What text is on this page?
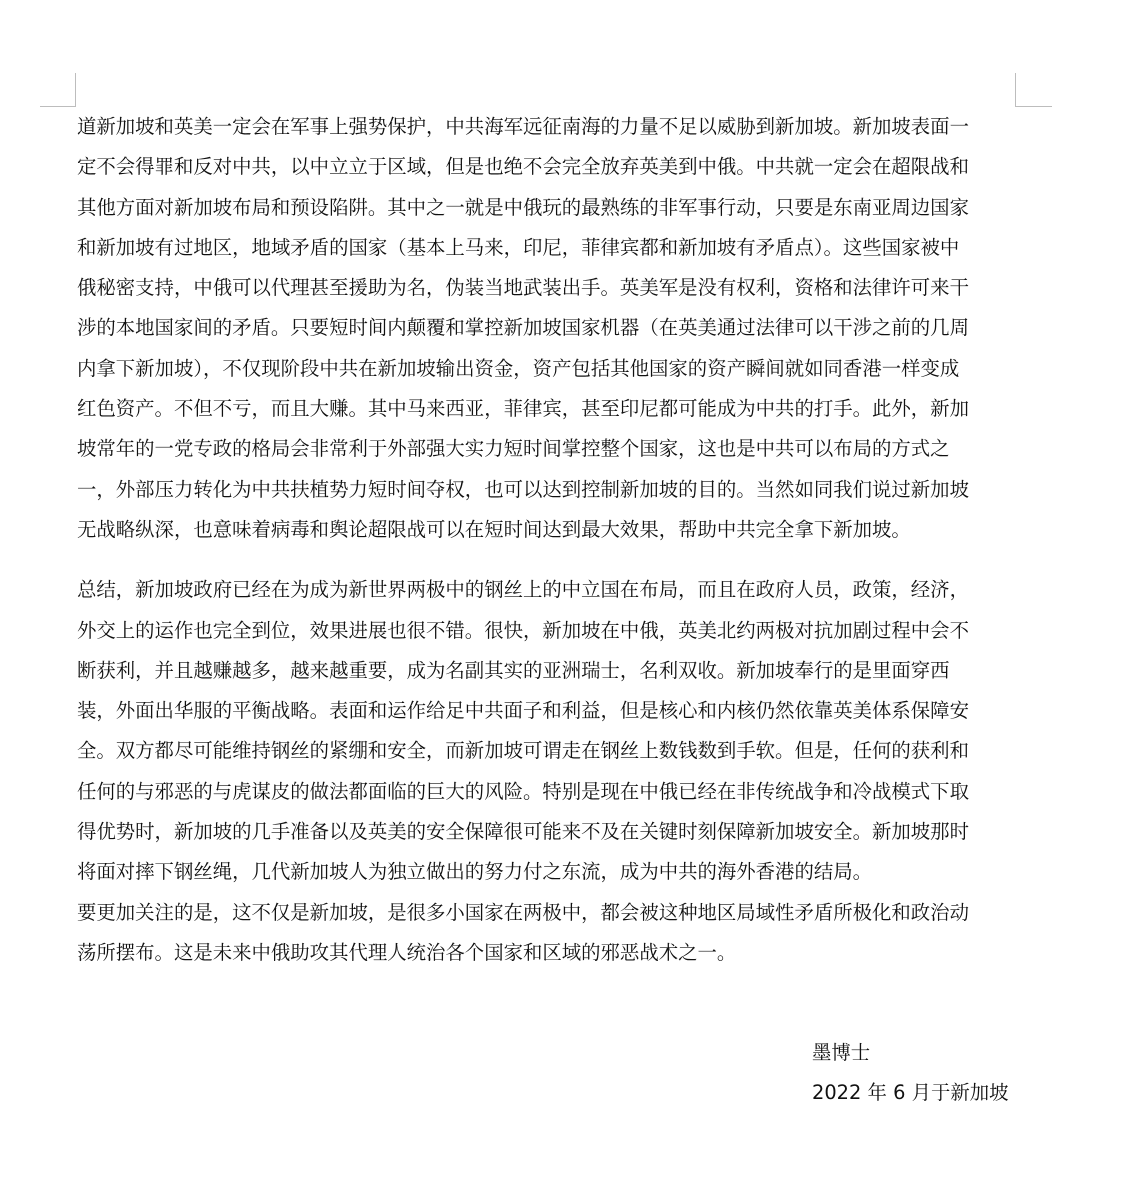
道新加坡和英美一定会在军事上强势保护，中共海军远征南海的力量不足以威胁到新加坡。新加坡表面一
定不会得罪和反对中共，以中立立于区域，但是也绝不会完全放弃英美到中俄。中共就一定会在超限战和
其他方面对新加坡布局和预设陷阱。其中之一就是中俄玩的最熟练的非军事行动，只要是东南亚周边国家
和新加坡有过地区，地域矛盾的国家（基本上马来，印尼，菲律宾都和新加坡有矛盾点）。这些国家被中
俄秘密支持，中俄可以代理甚至援助为名，伪装当地武装出手。英美军是没有权利，资格和法律许可来干
涉的本地国家间的矛盾。只要短时间内颠覆和掌控新加坡国家机器（在英美通过法律可以干涉之前的几周
内拿下新加坡），不仅现阶段中共在新加坡输出资金，资产包括其他国家的资产瞬间就如同香港一样变成
红色资产。不但不亏，而且大赚。其中马来西亚，菲律宾，甚至印尼都可能成为中共的打手。此外，新加
坡常年的一党专政的格局会非常利于外部强大实力短时间掌控整个国家，这也是中共可以布局的方式之
一，外部压力转化为中共扶植势力短时间夺权，也可以达到控制新加坡的目的。当然如同我们说过新加坡
无战略纵深，也意味着病毒和舆论超限战可以在短时间达到最大效果，帮助中共完全拿下新加坡。
总结，新加坡政府已经在为成为新世界两极中的钢丝上的中立国在布局，而且在政府人员，政策，经济，
外交上的运作也完全到位，效果进展也很不错。很快，新加坡在中俄，英美北约两极对抗加剧过程中会不
断获利，并且越赚越多，越来越重要，成为名副其实的亚洲瑞士，名利双收。新加坡奉行的是里面穿西
装，外面出华服的平衡战略。表面和运作给足中共面子和利益，但是核心和内核仍然依靠英美体系保障安
全。双方都尽可能维持钢丝的紧绷和安全，而新加坡可谓走在钢丝上数钱数到手软。但是，任何的获利和
任何的与邪恶的与虎谋皮的做法都面临的巨大的风险。特别是现在中俄已经在非传统战争和冷战模式下取
得优势时，新加坡的几手准备以及英美的安全保障很可能来不及在关键时刻保障新加坡安全。新加坡那时
将面对摔下钢丝绳，几代新加坡人为独立做出的努力付之东流，成为中共的海外香港的结局。
要更加关注的是，这不仅是新加坡，是很多小国家在两极中，都会被这种地区局域性矛盾所极化和政治动
荡所摆布。这是未来中俄助攻其代理人统治各个国家和区域的邪恶战术之一。
墨博士
2022 年 6 月于新加坡
